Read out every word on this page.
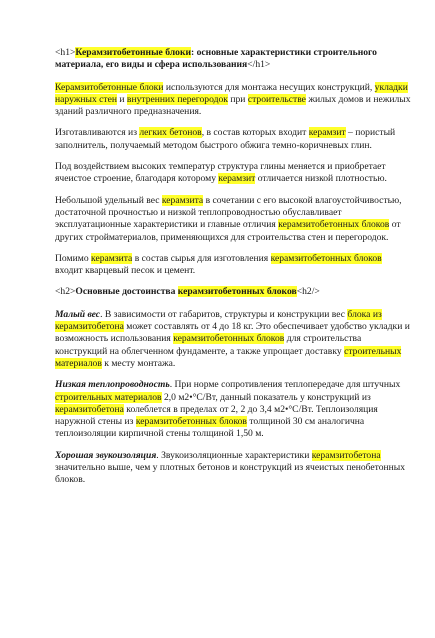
<h1>Керамзитобетонные блоки: основные характеристики строительного материала, его виды и сфера использования</h1>

Керамзитобетонные блоки используются для монтажа несущих конструкций, укладки наружных стен и внутренних перегородок при строительстве жилых домов и нежилых зданий различного предназначения.

Изготавливаются из легких бетонов, в состав которых входит керамзит – пористый заполнитель, получаемый методом быстрого обжига темно-коричневых глин.

Под воздействием высоких температур структура глины меняется и приобретает ячеистое строение, благодаря которому керамзит отличается низкой плотностью.

Небольшой удельный вес керамзита в сочетании с его высокой влагоустойчивостью, достаточной прочностью и низкой теплопроводностью обуславливает эксплуатационные характеристики и главные отличия керамзитобетонных блоков от других стройматериалов, применяющихся для строительства стен и перегородок.

Помимо керамзита в состав сырья для изготовления керамзитобетонных блоков входит кварцевый песок и цемент.

<h2>Основные достоинства керамзитобетонных блоков<h2/>

Малый вес. В зависимости от габаритов, структуры и конструкции вес блока из керамзитобетона может составлять от 4 до 18 кг. Это обеспечивает удобство укладки и возможность использования керамзитобетонных блоков для строительства конструкций на облегченном фундаменте, а также упрощает доставку строительных материалов к месту монтажа.

Низкая теплопроводность. При норме сопротивления теплопередаче для штучных строительных материалов 2,0 м2•°С/Вт, данный показатель у конструкций из керамзитобетона колеблется в пределах от 2, 2 до 3,4 м2•°С/Вт. Теплоизоляция наружной стены из керамзитобетонных блоков толщиной 30 см аналогична теплоизоляции кирпичной стены толщиной 1,50 м.

Хорошая звукоизоляция. Звукоизоляционные характеристики керамзитобетона значительно выше, чем у плотных бетонов и конструкций из ячеистых пенобетонных блоков.
